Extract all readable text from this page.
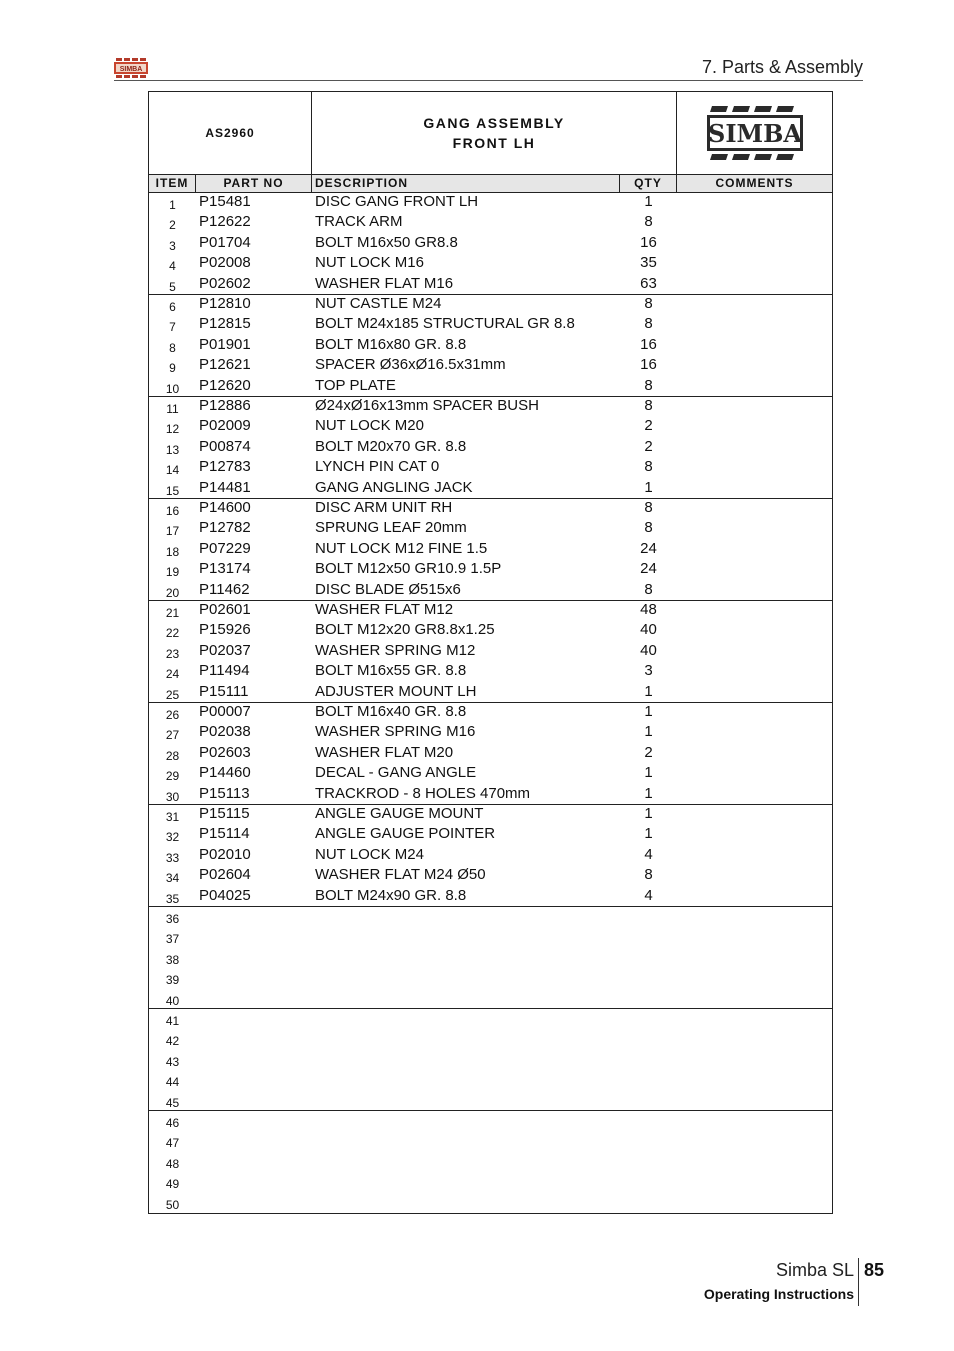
SIMBA	7. Parts & Assembly
AS2960
GANG ASSEMBLY
FRONT LH	SIMBA
ITEM	PART NO	DESCRIPTION	QTY	COMMENTS
1	P15481	DISC GANG FRONT LH	1
2	P12622	TRACK ARM	8
3	P01704	BOLT M16x50 GR8.8	16
4	P02008	NUT LOCK M16	35
5	P02602	WASHER FLAT M16	63
6	P12810	NUT CASTLE M24	8
7	P12815	BOLT M24x185 STRUCTURAL GR 8.8	8
8	P01901	BOLT M16x80 GR. 8.8	16
9	P12621	SPACER Ø36xØ16.5x31mm	16
10	P12620	TOP PLATE	8
11	P12886	Ø24xØ16x13mm SPACER BUSH	8
12	P02009	NUT LOCK M20	2
13	P00874	BOLT M20x70 GR. 8.8	2
14	P12783	LYNCH PIN CAT 0	8
15	P14481	GANG ANGLING JACK	1
16	P14600	DISC ARM UNIT RH	8
17	P12782	SPRUNG LEAF 20mm	8
18	P07229	NUT LOCK M12 FINE 1.5	24
19	P13174	BOLT M12x50 GR10.9 1.5P	24
20	P11462	DISC BLADE Ø515x6	8
21	P02601	WASHER FLAT M12	48
22	P15926	BOLT M12x20 GR8.8x1.25	40
23	P02037	WASHER SPRING M12	40
24	P11494	BOLT M16x55 GR. 8.8	3
25	P15111	ADJUSTER MOUNT LH	1
26	P00007	BOLT M16x40 GR. 8.8	1
27	P02038	WASHER SPRING M16	1
28	P02603	WASHER FLAT M20	2
29	P14460	DECAL - GANG ANGLE	1
30	P15113	TRACKROD - 8 HOLES 470mm	1
31	P15115	ANGLE GAUGE MOUNT	1
32	P15114	ANGLE GAUGE POINTER	1
33	P02010	NUT LOCK M24	4
34	P02604	WASHER FLAT M24 Ø50	8
35	P04025	BOLT M24x90 GR. 8.8	4
36
37
38
39
40
41
42
43
44
45
46
47
48
49
50
Simba SL 85
Operating Instructions
